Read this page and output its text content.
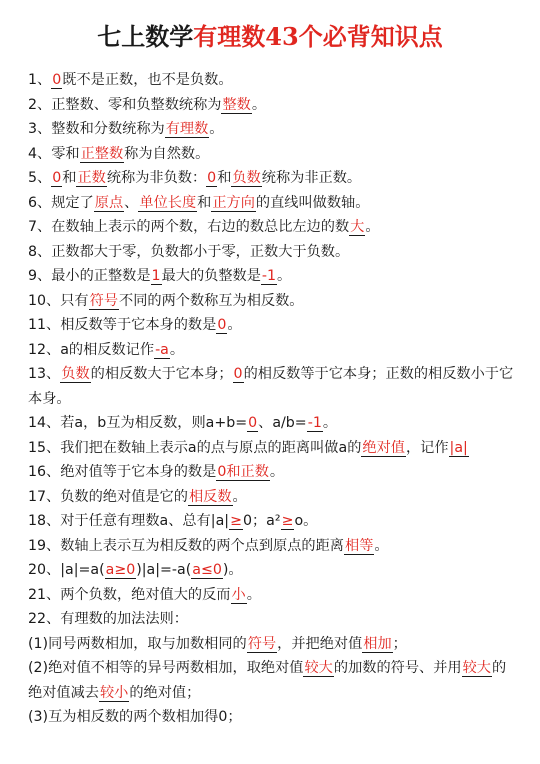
七上数学有理数43个必背知识点
1、0既不是正数，也不是负数。
2、正整数、零和负整数统称为整数。
3、整数和分数统称为有理数。
4、零和正整数称为自然数。
5、0和正数统称为非负数：0和负数统称为非正数。
6、规定了原点、单位长度和正方向的直线叫做数轴。
7、在数轴上表示的两个数，右边的数总比左边的数大。
8、正数都大于零，负数都小于零，正数大于负数。
9、最小的正整数是1最大的负整数是-1。
10、只有符号不同的两个数称互为相反数。
11、相反数等于它本身的数是0。
12、a的相反数记作-a。
13、负数的相反数大于它本身；0的相反数等于它本身；正数的相反数小于它本身。
14、若a，b互为相反数，则a+b=0、a/b=-1。
15、我们把在数轴上表示a的点与原点的距离叫做a的绝对值，记作|a|
16、绝对值等于它本身的数是0和正数。
17、负数的绝对值是它的相反数。
18、对于任意有理数a、总有|a|≥0；a²≥o。
19、数轴上表示互为相反数的两个点到原点的距离相等。
20、|a|=a(a≥0)|a|=-a(a≤0)。
21、两个负数，绝对值大的反而小。
22、有理数的加法法则：
(1)同号两数相加，取与加数相同的符号，并把绝对值相加；
(2)绝对值不相等的异号两数相加，取绝对值较大的加数的符号、并用较大的绝对值减去较小的绝对值；
(3)互为相反数的两个数相加得0；
